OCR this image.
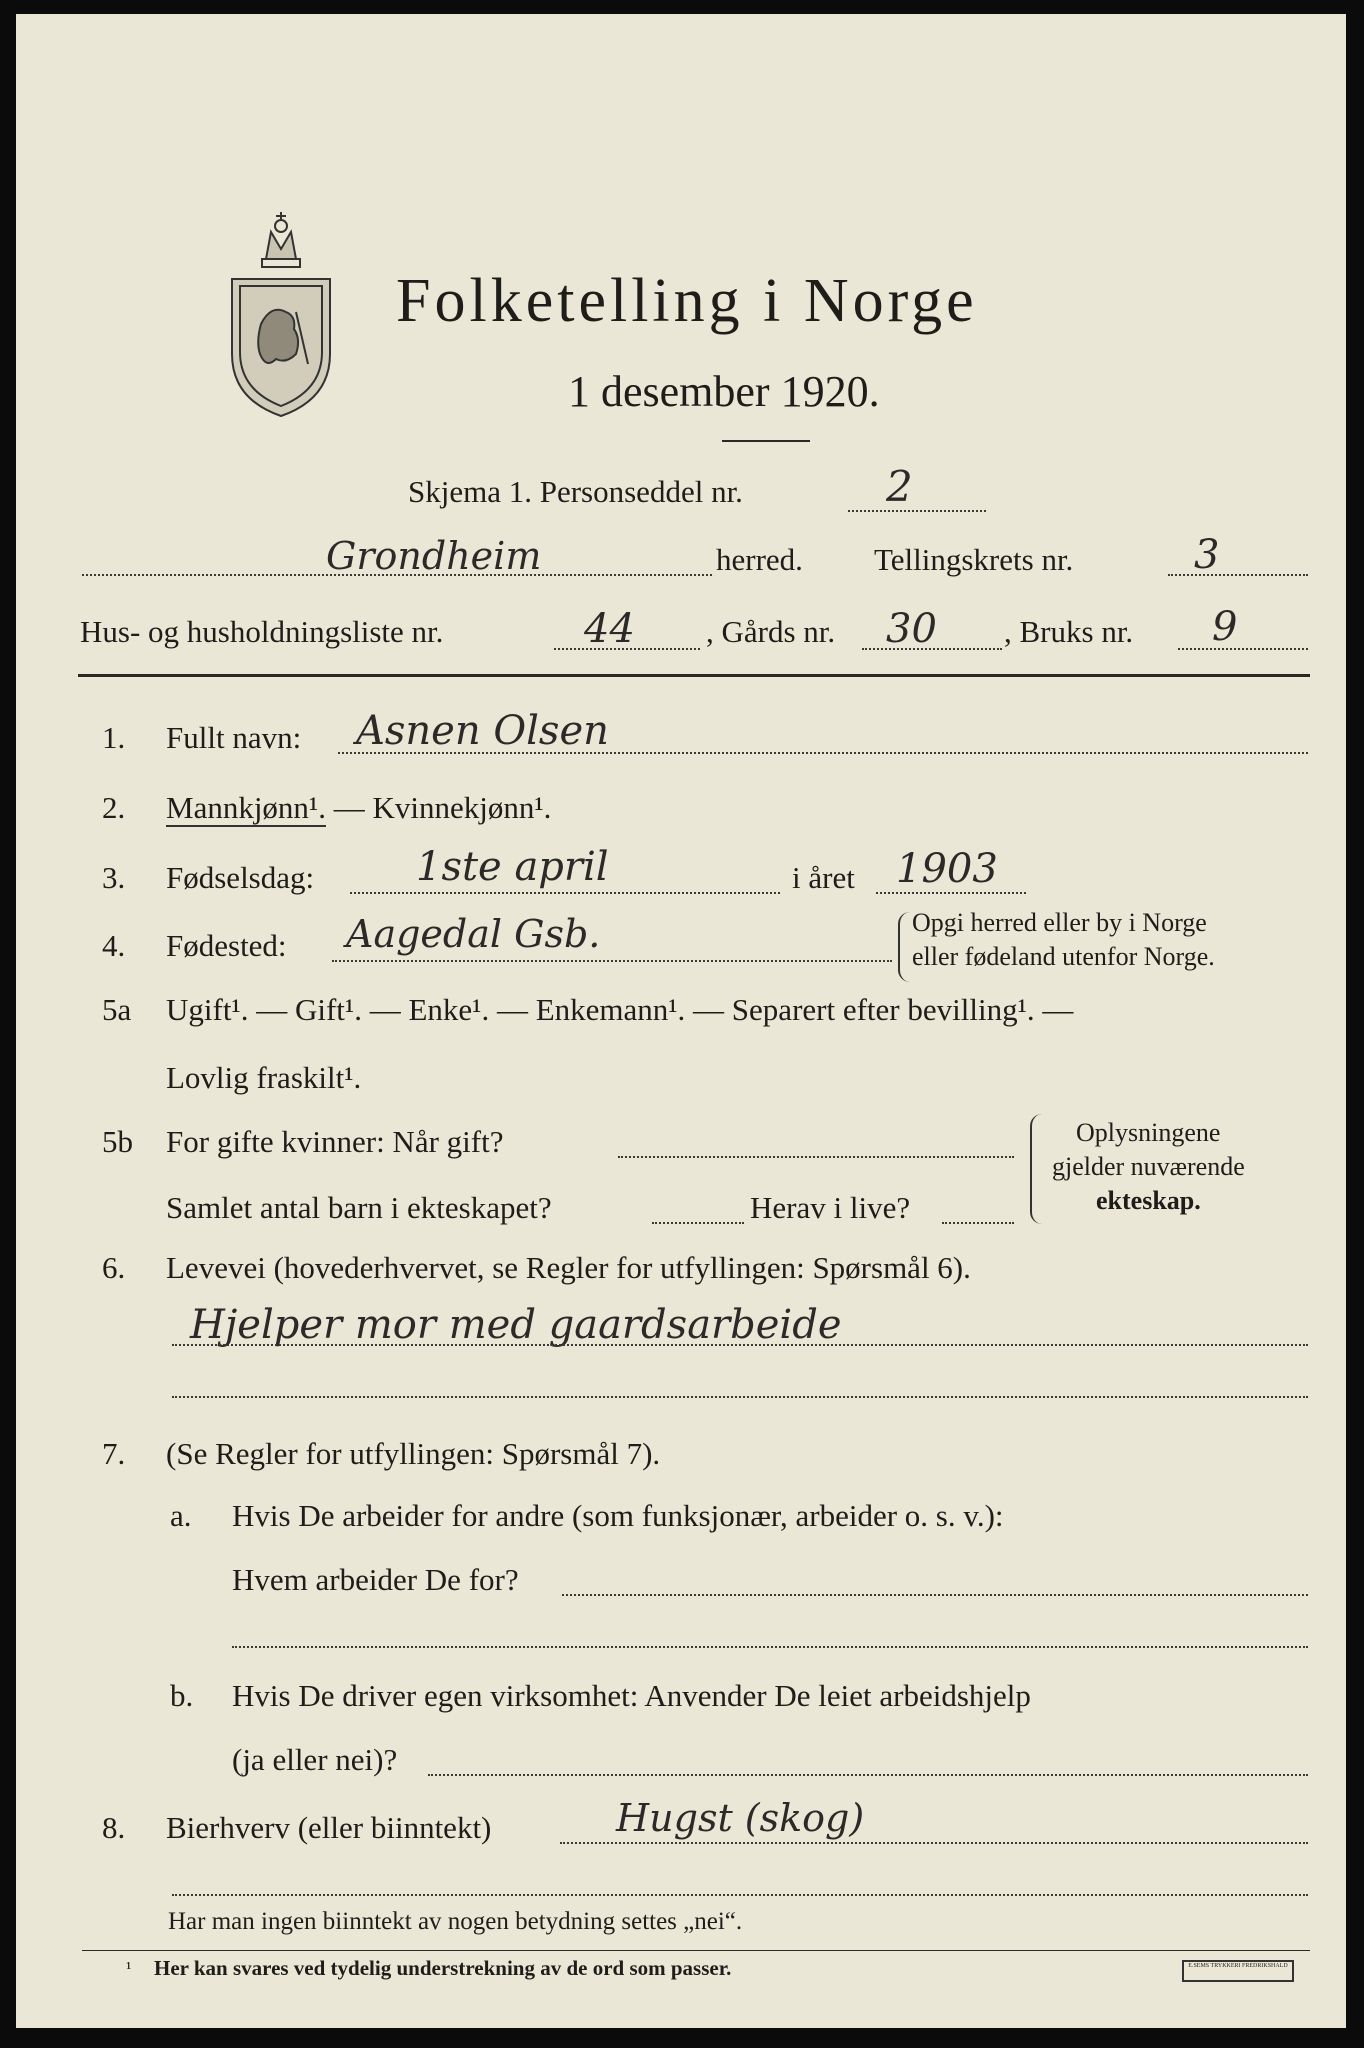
Folketelling i Norge
1 desember 1920.
Skjema 1. Personseddel nr.	2
Grondheim	herred. Tellingskrets nr.	3
Hus- og husholdningsliste nr.	44 , Gårds nr. 30 , Bruks nr. 9
1. Fullt navn: Asnen Olsen
2. Mannkjønn¹. — Kvinnekjønn¹.
3. Fødselsdag:	1ste april	i året 1903
4. Fødested: Aagedal Gsb.	Opgi herred eller by i Norge
eller fødeland utenfor Norge.
5a Ugift¹. — Gift¹. — Enke¹. — Enkemann¹. — Separert efter bevilling¹. —
Lovlig fraskilt¹.
5b For gifte kvinner: Når gift?
Samlet antal barn i ekteskapet?	Herav i live?
Oplysningene
gjelder nuværende
ekteskap.
6. Levevei (hovederhvervet, se Regler for utfyllingen: Spørsmål 6).
Hjelper mor med gaardsarbeide
7. (Se Regler for utfyllingen: Spørsmål 7).
a. Hvis De arbeider for andre (som funksjonær, arbeider o. s. v.):
Hvem arbeider De for?
b. Hvis De driver egen virksomhet: Anvender De leiet arbeidshjelp
(ja eller nei)?
8. Bierhverv (eller biinntekt)	Hugst (skog)
Har man ingen biinntekt av nogen betydning settes „nei“.
¹ Her kan svares ved tydelig understrekning av de ord som passer.	E.SEMS TRYKKERI FREDRIKSHALD
